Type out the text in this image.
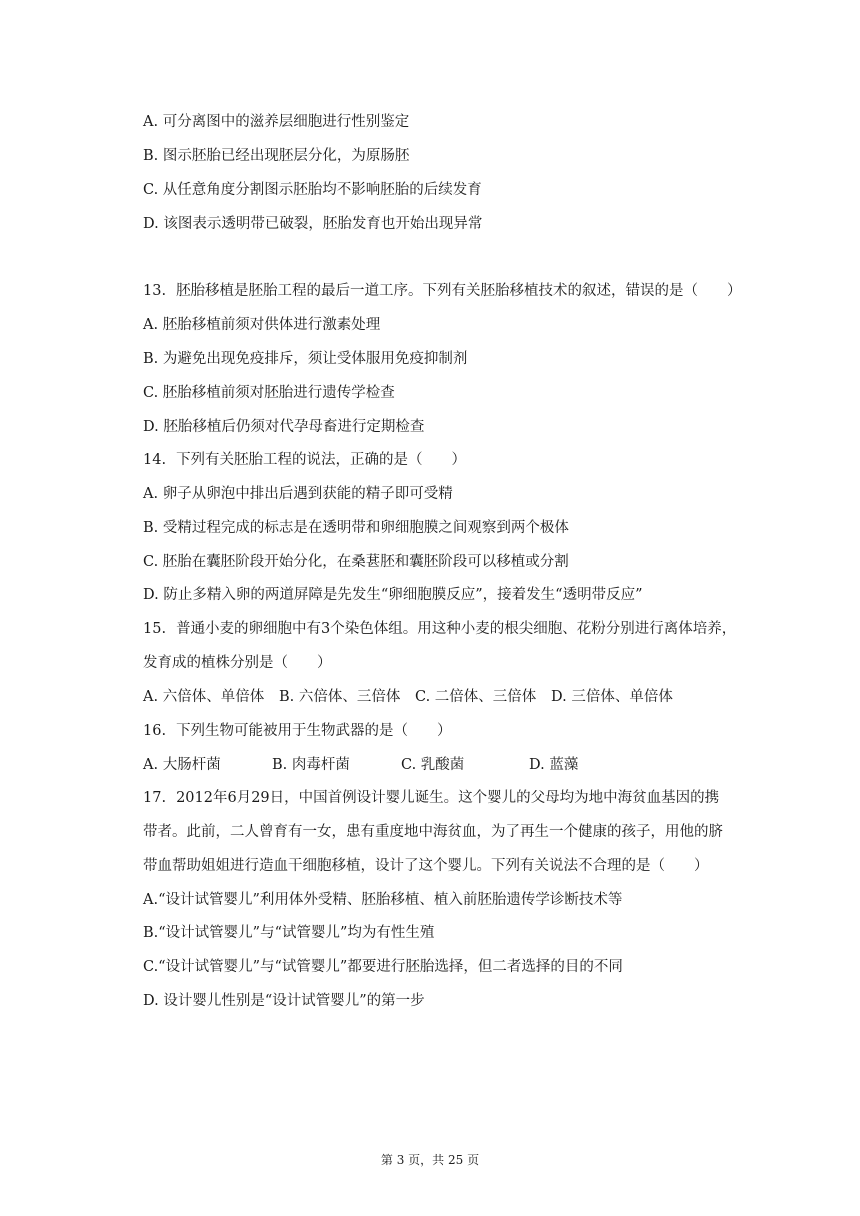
A. 可分离图中的滋养层细胞进行性别鉴定
B. 图示胚胎已经出现胚层分化，为原肠胚
C. 从任意角度分割图示胚胎均不影响胚胎的后续发育
D. 该图表示透明带已破裂，胚胎发育也开始出现异常
13. 胚胎移植是胚胎工程的最后一道工序。下列有关胚胎移植技术的叙述，错误的是（　　）
A. 胚胎移植前须对供体进行激素处理
B. 为避免出现免疫排斥，须让受体服用免疫抑制剂
C. 胚胎移植前须对胚胎进行遗传学检查
D. 胚胎移植后仍须对代孕母畜进行定期检查
14. 下列有关胚胎工程的说法，正确的是（　　）
A. 卵子从卵泡中排出后遇到获能的精子即可受精
B. 受精过程完成的标志是在透明带和卵细胞膜之间观察到两个极体
C. 胚胎在囊胚阶段开始分化，在桑葚胚和囊胚阶段可以移植或分割
D. 防止多精入卵的两道屏障是先发生“卵细胞膜反应”，接着发生“透明带反应”
15. 普通小麦的卵细胞中有3个染色体组。用这种小麦的根尖细胞、花粉分别进行离体培养，
发育成的植株分别是（　　）
A. 六倍体、单倍体 B. 六倍体、三倍体 C. 二倍体、三倍体 D. 三倍体、单倍体
16. 下列生物可能被用于生物武器的是（　　）
A. 大肠杆菌	B. 肉毒杆菌	C. 乳酸菌	D. 蓝藻
17. 2012年6月29日，中国首例设计婴儿诞生。这个婴儿的父母均为地中海贫血基因的携
带者。此前，二人曾育有一女，患有重度地中海贫血，为了再生一个健康的孩子，用他的脐
带血帮助姐姐进行造血干细胞移植，设计了这个婴儿。下列有关说法不合理的是（　　）
A.“设计试管婴儿”利用体外受精、胚胎移植、植入前胚胎遗传学诊断技术等
B.“设计试管婴儿”与“试管婴儿”均为有性生殖
C.“设计试管婴儿”与“试管婴儿”都要进行胚胎选择，但二者选择的目的不同
D. 设计婴儿性别是“设计试管婴儿”的第一步
第 3 页，共 25 页
